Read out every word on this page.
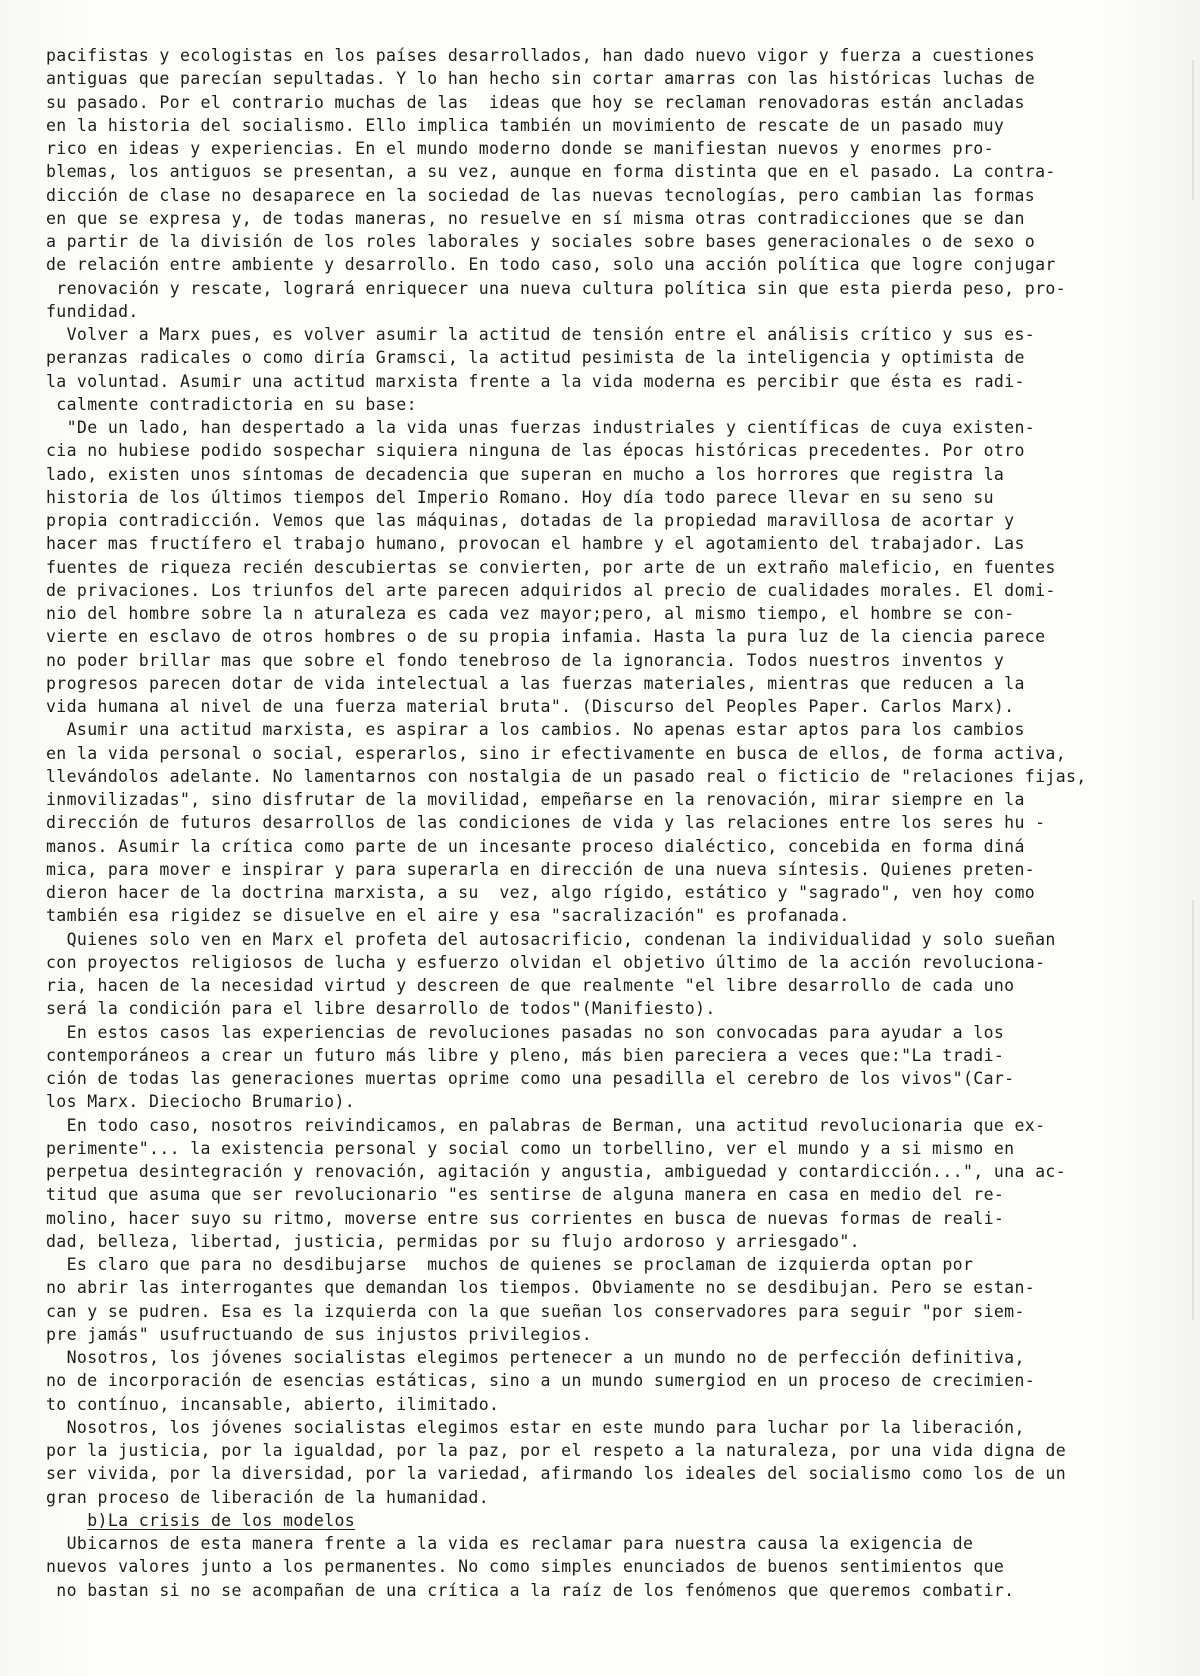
pacifistas y ecologistas en los países desarrollados, han dado nuevo vigor y fuerza a cuestiones
antiguas que parecían sepultadas. Y lo han hecho sin cortar amarras con las históricas luchas de
su pasado. Por el contrario muchas de las  ideas que hoy se reclaman renovadoras están ancladas
en la historia del socialismo. Ello implica también un movimiento de rescate de un pasado muy
rico en ideas y experiencias. En el mundo moderno donde se manifiestan nuevos y enormes pro-
blemas, los antiguos se presentan, a su vez, aunque en forma distinta que en el pasado. La contra-
dicción de clase no desaparece en la sociedad de las nuevas tecnologías, pero cambian las formas
en que se expresa y, de todas maneras, no resuelve en sí misma otras contradicciones que se dan
a partir de la división de los roles laborales y sociales sobre bases generacionales o de sexo o
de relación entre ambiente y desarrollo. En todo caso, solo una acción política que logre conjugar
renovación y rescate, logrará enriquecer una nueva cultura política sin que esta pierda peso, pro-
fundidad.
Volver a Marx pues, es volver asumir la actitud de tensión entre el análisis crítico y sus es-
peranzas radicales o como diría Gramsci, la actitud pesimista de la inteligencia y optimista de
la voluntad. Asumir una actitud marxista frente a la vida moderna es percibir que ésta es radi-
calmente contradictoria en su base:
"De un lado, han despertado a la vida unas fuerzas industriales y científicas de cuya existen-
cia no hubiese podido sospechar siquiera ninguna de las épocas históricas precedentes. Por otro
lado, existen unos síntomas de decadencia que superan en mucho a los horrores que registra la
historia de los últimos tiempos del Imperio Romano. Hoy día todo parece llevar en su seno su
propia contradicción. Vemos que las máquinas, dotadas de la propiedad maravillosa de acortar y
hacer mas fructífero el trabajo humano, provocan el hambre y el agotamiento del trabajador. Las
fuentes de riqueza recién descubiertas se convierten, por arte de un extraño maleficio, en fuentes
de privaciones. Los triunfos del arte parecen adquiridos al precio de cualidades morales. El domi-
nio del hombre sobre la n aturaleza es cada vez mayor;pero, al mismo tiempo, el hombre se con-
vierte en esclavo de otros hombres o de su propia infamia. Hasta la pura luz de la ciencia parece
no poder brillar mas que sobre el fondo tenebroso de la ignorancia. Todos nuestros inventos y
progresos parecen dotar de vida intelectual a las fuerzas materiales, mientras que reducen a la
vida humana al nivel de una fuerza material bruta". (Discurso del Peoples Paper. Carlos Marx).
Asumir una actitud marxista, es aspirar a los cambios. No apenas estar aptos para los cambios
en la vida personal o social, esperarlos, sino ir efectivamente en busca de ellos, de forma activa,
llevándolos adelante. No lamentarnos con nostalgia de un pasado real o ficticio de "relaciones fijas,
inmovilizadas", sino disfrutar de la movilidad, empeñarse en la renovación, mirar siempre en la
dirección de futuros desarrollos de las condiciones de vida y las relaciones entre los seres hu -
manos. Asumir la crítica como parte de un incesante proceso dialéctico, concebida en forma diná
mica, para mover e inspirar y para superarla en dirección de una nueva síntesis. Quienes preten-
dieron hacer de la doctrina marxista, a su  vez, algo rígido, estático y "sagrado", ven hoy como
también esa rigidez se disuelve en el aire y esa "sacralización" es profanada.
Quienes solo ven en Marx el profeta del autosacrificio, condenan la individualidad y solo sueñan
con proyectos religiosos de lucha y esfuerzo olvidan el objetivo último de la acción revoluciona-
ria, hacen de la necesidad virtud y descreen de que realmente "el libre desarrollo de cada uno
será la condición para el libre desarrollo de todos"(Manifiesto).
En estos casos las experiencias de revoluciones pasadas no son convocadas para ayudar a los
contemporáneos a crear un futuro más libre y pleno, más bien pareciera a veces que:"La tradi-
ción de todas las generaciones muertas oprime como una pesadilla el cerebro de los vivos"(Car-
los Marx. Dieciocho Brumario).
En todo caso, nosotros reivindicamos, en palabras de Berman, una actitud revolucionaria que ex-
perimente"... la existencia personal y social como un torbellino, ver el mundo y a si mismo en
perpetua desintegración y renovación, agitación y angustia, ambiguedad y contardicción...", una ac-
titud que asuma que ser revolucionario "es sentirse de alguna manera en casa en medio del re-
molino, hacer suyo su ritmo, moverse entre sus corrientes en busca de nuevas formas de reali-
dad, belleza, libertad, justicia, permidas por su flujo ardoroso y arriesgado".
Es claro que para no desdibujarse  muchos de quienes se proclaman de izquierda optan por
no abrir las interrogantes que demandan los tiempos. Obviamente no se desdibujan. Pero se estan-
can y se pudren. Esa es la izquierda con la que sueñan los conservadores para seguir "por siem-
pre jamás" usufructuando de sus injustos privilegios.
Nosotros, los jóvenes socialistas elegimos pertenecer a un mundo no de perfección definitiva,
no de incorporación de esencias estáticas, sino a un mundo sumergiod en un proceso de crecimien-
to contínuo, incansable, abierto, ilimitado.
Nosotros, los jóvenes socialistas elegimos estar en este mundo para luchar por la liberación,
por la justicia, por la igualdad, por la paz, por el respeto a la naturaleza, por una vida digna de
ser vivida, por la diversidad, por la variedad, afirmando los ideales del socialismo como los de un
gran proceso de liberación de la humanidad.
b)La crisis de los modelos
Ubicarnos de esta manera frente a la vida es reclamar para nuestra causa la exigencia de
nuevos valores junto a los permanentes. No como simples enunciados de buenos sentimientos que
no bastan si no se acompañan de una crítica a la raíz de los fenómenos que queremos combatir.
